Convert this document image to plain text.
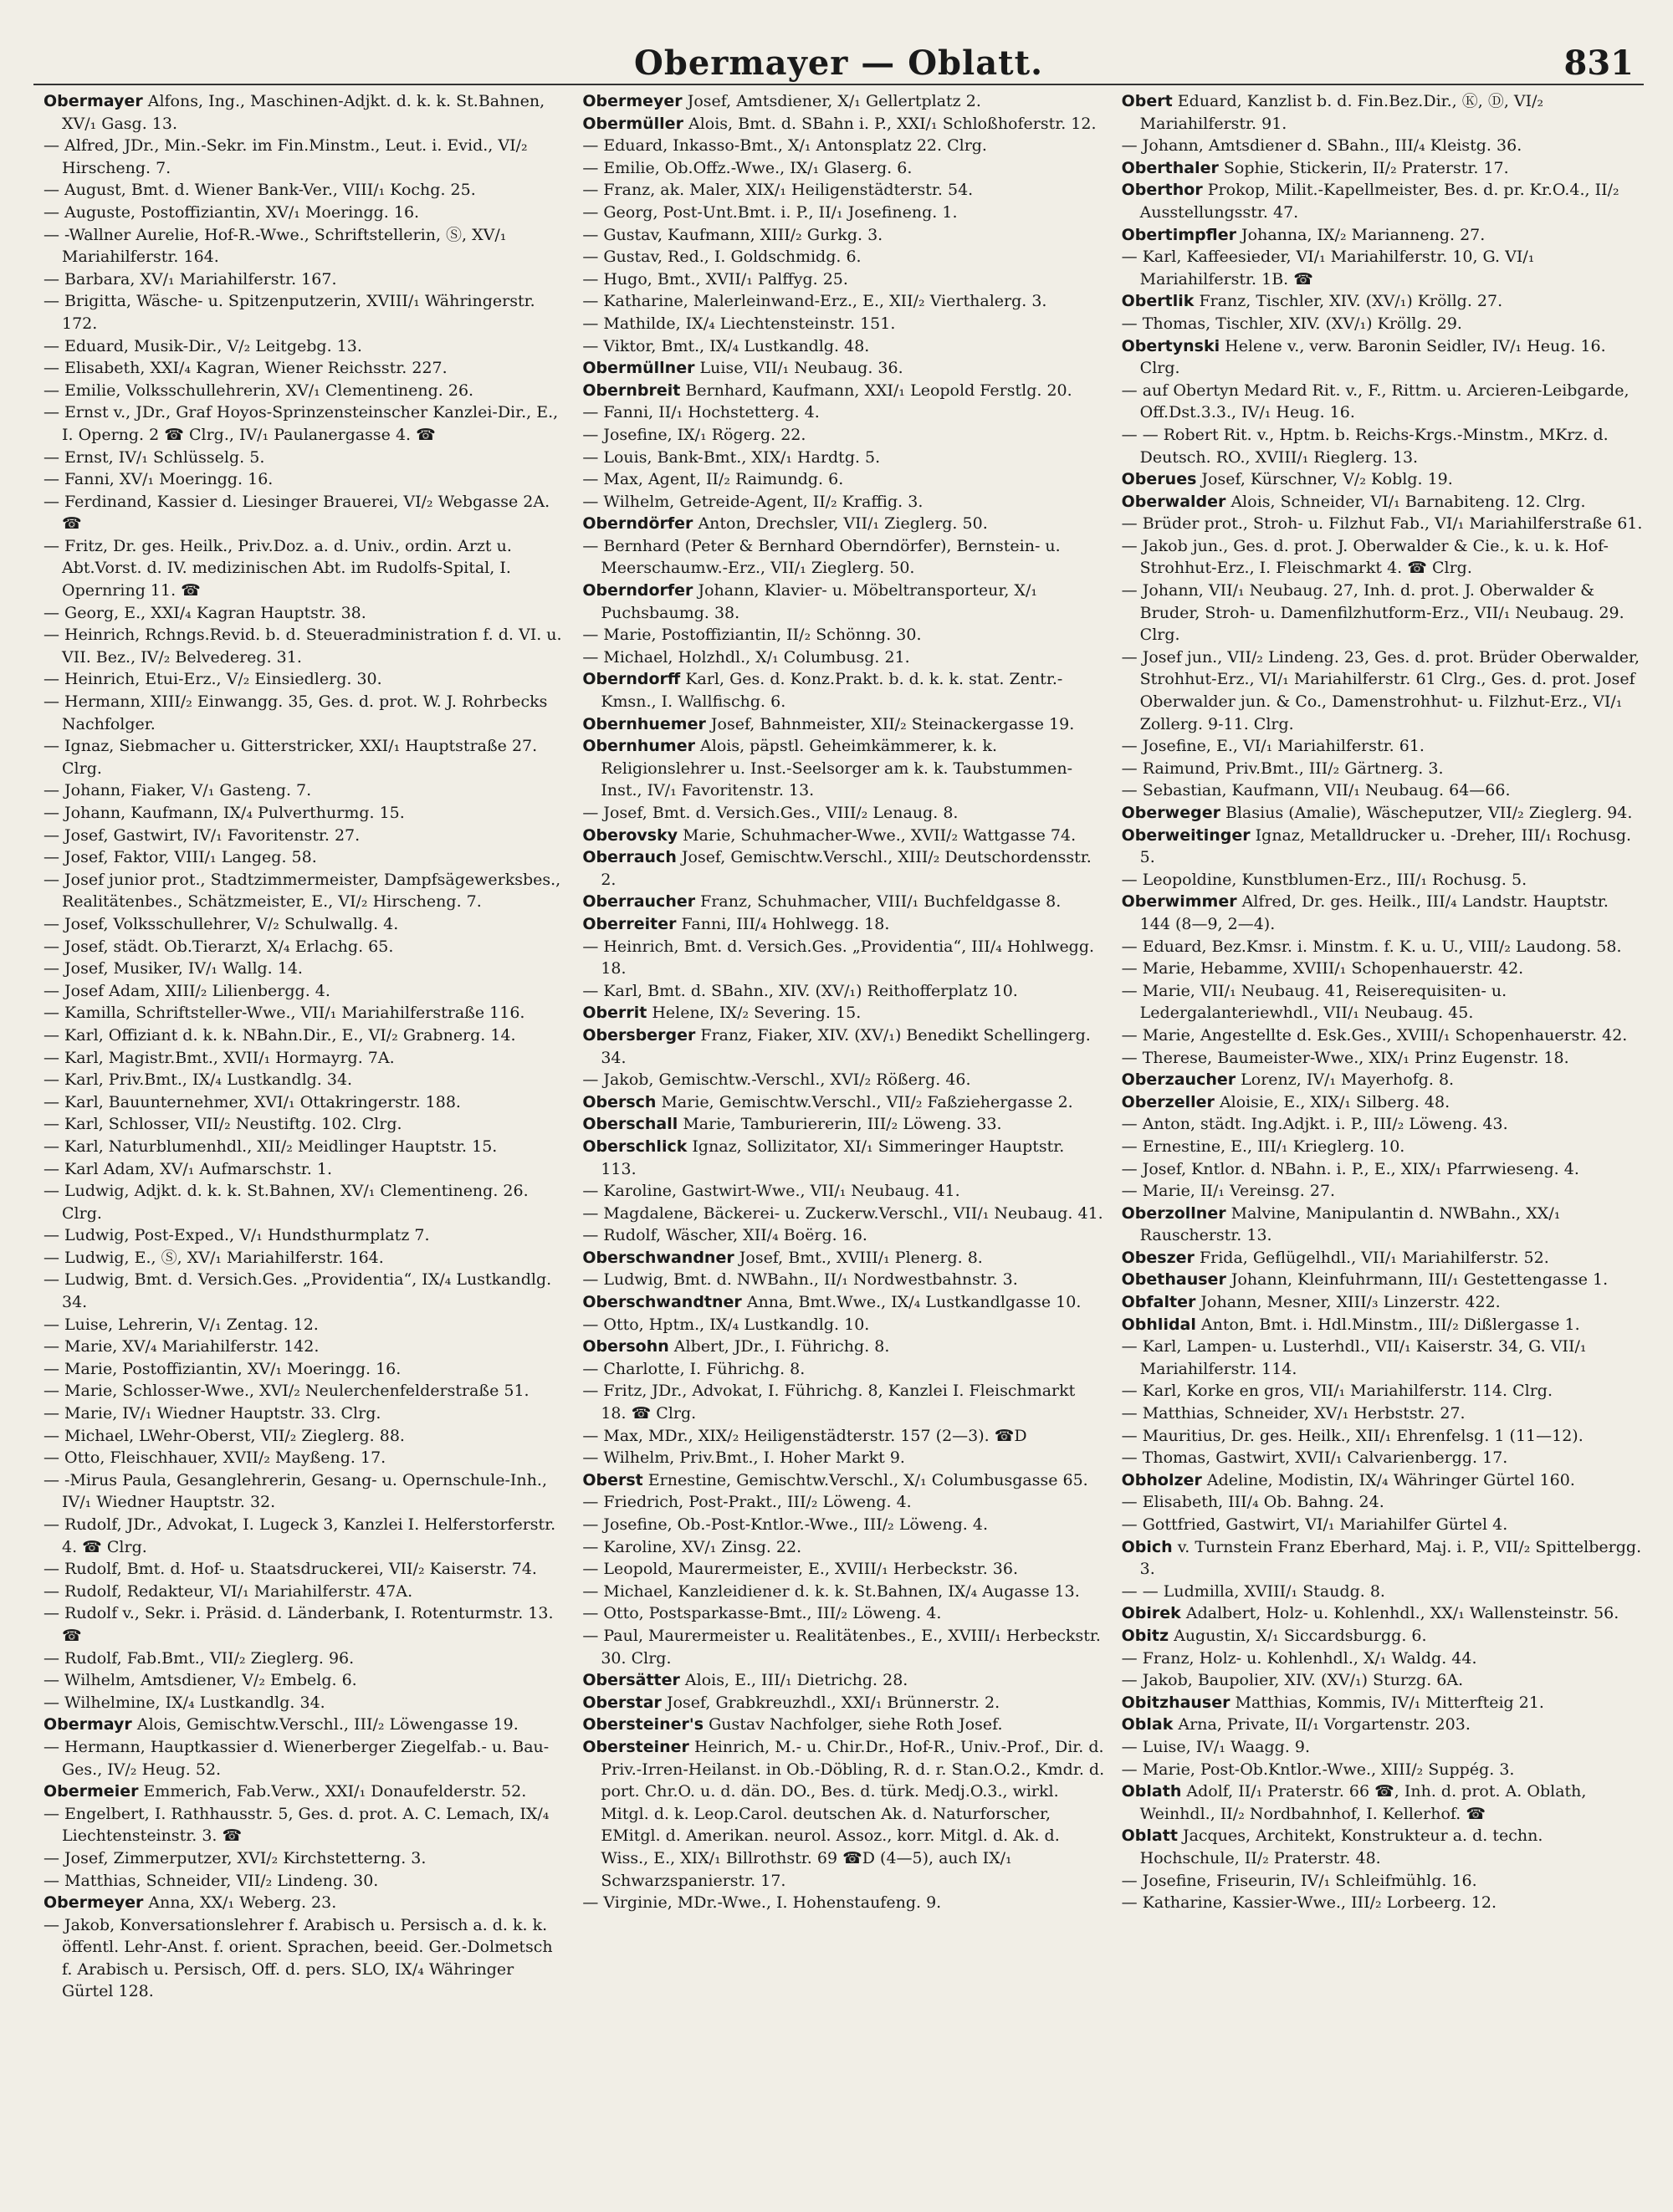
Obermayer — Oblatt.	831

Obermayer Alfons, Ing., Maschinen-Adjkt. d. k. k. St.Bahnen, XV/₁ Gasg. 13.

— Alfred, JDr., Min.-Sekr. im Fin.Minstm., Leut. i. Evid., VI/₂ Hirscheng. 7.

— August, Bmt. d. Wiener Bank-Ver., VIII/₁ Kochg. 25.

— Auguste, Postoffiziantin, XV/₁ Moeringg. 16.

— -Wallner Aurelie, Hof-R.-Wwe., Schriftstellerin, Ⓢ, XV/₁ Mariahilferstr. 164.

— Barbara, XV/₁ Mariahilferstr. 167.

— Brigitta, Wäsche- u. Spitzenputzerin, XVIII/₁ Währingerstr. 172.

— Eduard, Musik-Dir., V/₂ Leitgebg. 13.

— Elisabeth, XXI/₄ Kagran, Wiener Reichsstr. 227.

— Emilie, Volksschullehrerin, XV/₁ Clementineng. 26.

— Ernst v., JDr., Graf Hoyos-Sprinzensteinscher Kanzlei-Dir., E., I. Operng. 2 ☎ Clrg., IV/₁ Paulanergasse 4. ☎

— Ernst, IV/₁ Schlüsselg. 5.

— Fanni, XV/₁ Moeringg. 16.

— Ferdinand, Kassier d. Liesinger Brauerei, VI/₂ Webgasse 2A. ☎

— Fritz, Dr. ges. Heilk., Priv.Doz. a. d. Univ., ordin. Arzt u. Abt.Vorst. d. IV. medizinischen Abt. im Rudolfs-Spital, I. Opernring 11. ☎

— Georg, E., XXI/₄ Kagran Hauptstr. 38.

— Heinrich, Rchngs.Revid. b. d. Steueradministration f. d. VI. u. VII. Bez., IV/₂ Belvedereg. 31.

— Heinrich, Etui-Erz., V/₂ Einsiedlerg. 30.

— Hermann, XIII/₂ Einwangg. 35, Ges. d. prot. W. J. Rohrbecks Nachfolger.

— Ignaz, Siebmacher u. Gitterstricker, XXI/₁ Hauptstraße 27. Clrg.

— Johann, Fiaker, V/₁ Gasteng. 7.

— Johann, Kaufmann, IX/₄ Pulverthurmg. 15.

— Josef, Gastwirt, IV/₁ Favoritenstr. 27.

— Josef, Faktor, VIII/₁ Langeg. 58.

— Josef junior prot., Stadtzimmermeister, Dampfsägewerksbes., Realitätenbes., Schätzmeister, E., VI/₂ Hirscheng. 7.

— Josef, Volksschullehrer, V/₂ Schulwallg. 4.

— Josef, städt. Ob.Tierarzt, X/₄ Erlachg. 65.

— Josef, Musiker, IV/₁ Wallg. 14.

— Josef Adam, XIII/₂ Lilienbergg. 4.

— Kamilla, Schriftsteller-Wwe., VII/₁ Mariahilferstraße 116.

— Karl, Offiziant d. k. k. NBahn.Dir., E., VI/₂ Grabnerg. 14.

— Karl, Magistr.Bmt., XVII/₁ Hormayrg. 7A.

— Karl, Priv.Bmt., IX/₄ Lustkandlg. 34.

— Karl, Bauunternehmer, XVI/₁ Ottakringerstr. 188.

— Karl, Schlosser, VII/₂ Neustiftg. 102. Clrg.

— Karl, Naturblumenhdl., XII/₂ Meidlinger Hauptstr. 15.

— Karl Adam, XV/₁ Aufmarschstr. 1.

— Ludwig, Adjkt. d. k. k. St.Bahnen, XV/₁ Clementineng. 26. Clrg.

— Ludwig, Post-Exped., V/₁ Hundsthurmplatz 7.

— Ludwig, E., Ⓢ, XV/₁ Mariahilferstr. 164.

— Ludwig, Bmt. d. Versich.Ges. „Providentia“, IX/₄ Lustkandlg. 34.

— Luise, Lehrerin, V/₁ Zentag. 12.

— Marie, XV/₄ Mariahilferstr. 142.

— Marie, Postoffiziantin, XV/₁ Moeringg. 16.

— Marie, Schlosser-Wwe., XVI/₂ Neulerchenfelderstraße 51.

— Marie, IV/₁ Wiedner Hauptstr. 33. Clrg.

— Michael, LWehr-Oberst, VII/₂ Zieglerg. 88.

— Otto, Fleischhauer, XVII/₂ Mayßeng. 17.

— -Mirus Paula, Gesanglehrerin, Gesang- u. Opernschule-Inh., IV/₁ Wiedner Hauptstr. 32.

— Rudolf, JDr., Advokat, I. Lugeck 3, Kanzlei I. Helferstorferstr. 4. ☎ Clrg.

— Rudolf, Bmt. d. Hof- u. Staatsdruckerei, VII/₂ Kaiserstr. 74.

— Rudolf, Redakteur, VI/₁ Mariahilferstr. 47A.

— Rudolf v., Sekr. i. Präsid. d. Länderbank, I. Rotenturmstr. 13. ☎

— Rudolf, Fab.Bmt., VII/₂ Zieglerg. 96.

— Wilhelm, Amtsdiener, V/₂ Embelg. 6.

— Wilhelmine, IX/₄ Lustkandlg. 34.

Obermayr Alois, Gemischtw.Verschl., III/₂ Löwengasse 19.

— Hermann, Hauptkassier d. Wienerberger Ziegelfab.- u. Bau-Ges., IV/₂ Heug. 52.

Obermeier Emmerich, Fab.Verw., XXI/₁ Donaufelderstr. 52.

— Engelbert, I. Rathhausstr. 5, Ges. d. prot. A. C. Lemach, IX/₄ Liechtensteinstr. 3. ☎

— Josef, Zimmerputzer, XVI/₂ Kirchstetterng. 3.

— Matthias, Schneider, VII/₂ Lindeng. 30.

Obermeyer Anna, XX/₁ Weberg. 23.

— Jakob, Konversationslehrer f. Arabisch u. Persisch a. d. k. k. öffentl. Lehr-Anst. f. orient. Sprachen, beeid. Ger.-Dolmetsch f. Arabisch u. Persisch, Off. d. pers. SLO, IX/₄ Währinger Gürtel 128.

Obermeyer Josef, Amtsdiener, X/₁ Gellertplatz 2.

Obermüller Alois, Bmt. d. SBahn i. P., XXI/₁ Schloßhoferstr. 12.

— Eduard, Inkasso-Bmt., X/₁ Antonsplatz 22. Clrg.

— Emilie, Ob.Offz.-Wwe., IX/₁ Glaserg. 6.

— Franz, ak. Maler, XIX/₁ Heiligenstädterstr. 54.

— Georg, Post-Unt.Bmt. i. P., II/₁ Josefineng. 1.

— Gustav, Kaufmann, XIII/₂ Gurkg. 3.

— Gustav, Red., I. Goldschmidg. 6.

— Hugo, Bmt., XVII/₁ Palffyg. 25.

— Katharine, Malerleinwand-Erz., E., XII/₂ Vierthalerg. 3.

— Mathilde, IX/₄ Liechtensteinstr. 151.

— Viktor, Bmt., IX/₄ Lustkandlg. 48.

Obermüllner Luise, VII/₁ Neubaug. 36.

Obernbreit Bernhard, Kaufmann, XXI/₁ Leopold Ferstlg. 20.

— Fanni, II/₁ Hochstetterg. 4.

— Josefine, IX/₁ Rögerg. 22.

— Louis, Bank-Bmt., XIX/₁ Hardtg. 5.

— Max, Agent, II/₂ Raimundg. 6.

— Wilhelm, Getreide-Agent, II/₂ Kraffig. 3.

Oberndörfer Anton, Drechsler, VII/₁ Zieglerg. 50.

— Bernhard (Peter & Bernhard Oberndörfer), Bernstein- u. Meerschaumw.-Erz., VII/₁ Zieglerg. 50.

Oberndorfer Johann, Klavier- u. Möbeltransporteur, X/₁ Puchsbaumg. 38.

— Marie, Postoffiziantin, II/₂ Schönng. 30.

— Michael, Holzhdl., X/₁ Columbusg. 21.

Oberndorff Karl, Ges. d. Konz.Prakt. b. d. k. k. stat. Zentr.-Kmsn., I. Wallfischg. 6.

Obernhuemer Josef, Bahnmeister, XII/₂ Steinackergasse 19.

Obernhumer Alois, päpstl. Geheimkämmerer, k. k. Religionslehrer u. Inst.-Seelsorger am k. k. Taubstummen-Inst., IV/₁ Favoritenstr. 13.

— Josef, Bmt. d. Versich.Ges., VIII/₂ Lenaug. 8.

Oberovsky Marie, Schuhmacher-Wwe., XVII/₂ Wattgasse 74.

Oberrauch Josef, Gemischtw.Verschl., XIII/₂ Deutschordensstr. 2.

Oberraucher Franz, Schuhmacher, VIII/₁ Buchfeldgasse 8.

Oberreiter Fanni, III/₄ Hohlwegg. 18.

— Heinrich, Bmt. d. Versich.Ges. „Providentia“, III/₄ Hohlwegg. 18.

— Karl, Bmt. d. SBahn., XIV. (XV/₁) Reithofferplatz 10.

Oberrit Helene, IX/₂ Severing. 15.

Obersberger Franz, Fiaker, XIV. (XV/₁) Benedikt Schellingerg. 34.

— Jakob, Gemischtw.-Verschl., XVI/₂ Rößerg. 46.

Obersch Marie, Gemischtw.Verschl., VII/₂ Faßziehergasse 2.

Oberschall Marie, Tamburiererin, III/₂ Löweng. 33.

Oberschlick Ignaz, Sollizitator, XI/₁ Simmeringer Hauptstr. 113.

— Karoline, Gastwirt-Wwe., VII/₁ Neubaug. 41.

— Magdalene, Bäckerei- u. Zuckerw.Verschl., VII/₁ Neubaug. 41.

— Rudolf, Wäscher, XII/₄ Boërg. 16.

Oberschwandner Josef, Bmt., XVIII/₁ Plenerg. 8.

— Ludwig, Bmt. d. NWBahn., II/₁ Nordwestbahnstr. 3.

Oberschwandtner Anna, Bmt.Wwe., IX/₄ Lustkandlgasse 10.

— Otto, Hptm., IX/₄ Lustkandlg. 10.

Obersohn Albert, JDr., I. Führichg. 8.

— Charlotte, I. Führichg. 8.

— Fritz, JDr., Advokat, I. Führichg. 8, Kanzlei I. Fleischmarkt 18. ☎ Clrg.

— Max, MDr., XIX/₂ Heiligenstädterstr. 157 (2—3). ☎D

— Wilhelm, Priv.Bmt., I. Hoher Markt 9.

Oberst Ernestine, Gemischtw.Verschl., X/₁ Columbusgasse 65.

— Friedrich, Post-Prakt., III/₂ Löweng. 4.

— Josefine, Ob.-Post-Kntlor.-Wwe., III/₂ Löweng. 4.

— Karoline, XV/₁ Zinsg. 22.

— Leopold, Maurermeister, E., XVIII/₁ Herbeckstr. 36.

— Michael, Kanzleidiener d. k. k. St.Bahnen, IX/₄ Augasse 13.

— Otto, Postsparkasse-Bmt., III/₂ Löweng. 4.

— Paul, Maurermeister u. Realitätenbes., E., XVIII/₁ Herbeckstr. 30. Clrg.

Obersätter Alois, E., III/₁ Dietrichg. 28.

Oberstar Josef, Grabkreuzhdl., XXI/₁ Brünnerstr. 2.

Obersteiner's Gustav Nachfolger, siehe Roth Josef.

Obersteiner Heinrich, M.- u. Chir.Dr., Hof-R., Univ.-Prof., Dir. d. Priv.-Irren-Heilanst. in Ob.-Döbling, R. d. r. Stan.O.2., Kmdr. d. port. Chr.O. u. d. dän. DO., Bes. d. türk. Medj.O.3., wirkl. Mitgl. d. k. Leop.Carol. deutschen Ak. d. Naturforscher, EMitgl. d. Amerikan. neurol. Assoz., korr. Mitgl. d. Ak. d. Wiss., E., XIX/₁ Billrothstr. 69 ☎D (4—5), auch IX/₁ Schwarzspanierstr. 17.

— Virginie, MDr.-Wwe., I. Hohenstaufeng. 9.

Obert Eduard, Kanzlist b. d. Fin.Bez.Dir., Ⓚ, Ⓓ, VI/₂ Mariahilferstr. 91.

— Johann, Amtsdiener d. SBahn., III/₄ Kleistg. 36.

Oberthaler Sophie, Stickerin, II/₂ Praterstr. 17.

Oberthor Prokop, Milit.-Kapellmeister, Bes. d. pr. Kr.O.4., II/₂ Ausstellungsstr. 47.

Obertimpfler Johanna, IX/₂ Marianneng. 27.

— Karl, Kaffeesieder, VI/₁ Mariahilferstr. 10, G. VI/₁ Mariahilferstr. 1B. ☎

Obertlik Franz, Tischler, XIV. (XV/₁) Kröllg. 27.

— Thomas, Tischler, XIV. (XV/₁) Kröllg. 29.

Obertynski Helene v., verw. Baronin Seidler, IV/₁ Heug. 16. Clrg.

— auf Obertyn Medard Rit. v., F., Rittm. u. Arcieren-Leibgarde, Off.Dst.3.3., IV/₁ Heug. 16.

— — Robert Rit. v., Hptm. b. Reichs-Krgs.-Minstm., MKrz. d. Deutsch. RO., XVIII/₁ Rieglerg. 13.

Oberues Josef, Kürschner, V/₂ Koblg. 19.

Oberwalder Alois, Schneider, VI/₁ Barnabiteng. 12. Clrg.

— Brüder prot., Stroh- u. Filzhut Fab., VI/₁ Mariahilferstraße 61.

— Jakob jun., Ges. d. prot. J. Oberwalder & Cie., k. u. k. Hof-Strohhut-Erz., I. Fleischmarkt 4. ☎ Clrg.

— Johann, VII/₁ Neubaug. 27, Inh. d. prot. J. Oberwalder & Bruder, Stroh- u. Damenfilzhutform-Erz., VII/₁ Neubaug. 29. Clrg.

— Josef jun., VII/₂ Lindeng. 23, Ges. d. prot. Brüder Oberwalder, Strohhut-Erz., VI/₁ Mariahilferstr. 61 Clrg., Ges. d. prot. Josef Oberwalder jun. & Co., Damenstrohhut- u. Filzhut-Erz., VI/₁ Zollerg. 9-11. Clrg.

— Josefine, E., VI/₁ Mariahilferstr. 61.

— Raimund, Priv.Bmt., III/₂ Gärtnerg. 3.

— Sebastian, Kaufmann, VII/₁ Neubaug. 64—66.

Oberweger Blasius (Amalie), Wäscheputzer, VII/₂ Zieglerg. 94.

Oberweitinger Ignaz, Metalldrucker u. -Dreher, III/₁ Rochusg. 5.

— Leopoldine, Kunstblumen-Erz., III/₁ Rochusg. 5.

Oberwimmer Alfred, Dr. ges. Heilk., III/₄ Landstr. Hauptstr. 144 (8—9, 2—4).

— Eduard, Bez.Kmsr. i. Minstm. f. K. u. U., VIII/₂ Laudong. 58.

— Marie, Hebamme, XVIII/₁ Schopenhauerstr. 42.

— Marie, VII/₁ Neubaug. 41, Reiserequisiten- u. Ledergalanteriewhdl., VII/₁ Neubaug. 45.

— Marie, Angestellte d. Esk.Ges., XVIII/₁ Schopenhauerstr. 42.

— Therese, Baumeister-Wwe., XIX/₁ Prinz Eugenstr. 18.

Oberzaucher Lorenz, IV/₁ Mayerhofg. 8.

Oberzeller Aloisie, E., XIX/₁ Silberg. 48.

— Anton, städt. Ing.Adjkt. i. P., III/₂ Löweng. 43.

— Ernestine, E., III/₁ Krieglerg. 10.

— Josef, Kntlor. d. NBahn. i. P., E., XIX/₁ Pfarrwieseng. 4.

— Marie, II/₁ Vereinsg. 27.

Oberzollner Malvine, Manipulantin d. NWBahn., XX/₁ Rauscherstr. 13.

Obeszer Frida, Geflügelhdl., VII/₁ Mariahilferstr. 52.

Obethauser Johann, Kleinfuhrmann, III/₁ Gestettengasse 1.

Obfalter Johann, Mesner, XIII/₃ Linzerstr. 422.

Obhlidal Anton, Bmt. i. Hdl.Minstm., III/₂ Dißlergasse 1.

— Karl, Lampen- u. Lusterhdl., VII/₁ Kaiserstr. 34, G. VII/₁ Mariahilferstr. 114.

— Karl, Korke en gros, VII/₁ Mariahilferstr. 114. Clrg.

— Matthias, Schneider, XV/₁ Herbststr. 27.

— Mauritius, Dr. ges. Heilk., XII/₁ Ehrenfelsg. 1 (11—12).

— Thomas, Gastwirt, XVII/₁ Calvarienbergg. 17.

Obholzer Adeline, Modistin, IX/₄ Währinger Gürtel 160.

— Elisabeth, III/₄ Ob. Bahng. 24.

— Gottfried, Gastwirt, VI/₁ Mariahilfer Gürtel 4.

Obich v. Turnstein Franz Eberhard, Maj. i. P., VII/₂ Spittelbergg. 3.

— — Ludmilla, XVIII/₁ Staudg. 8.

Obirek Adalbert, Holz- u. Kohlenhdl., XX/₁ Wallensteinstr. 56.

Obitz Augustin, X/₁ Siccardsburgg. 6.

— Franz, Holz- u. Kohlenhdl., X/₁ Waldg. 44.

— Jakob, Baupolier, XIV. (XV/₁) Sturzg. 6A.

Obitzhauser Matthias, Kommis, IV/₁ Mitterfteig 21.

Oblak Arna, Private, II/₁ Vorgartenstr. 203.

— Luise, IV/₁ Waagg. 9.

— Marie, Post-Ob.Kntlor.-Wwe., XIII/₂ Suppég. 3.

Oblath Adolf, II/₁ Praterstr. 66 ☎, Inh. d. prot. A. Oblath, Weinhdl., II/₂ Nordbahnhof, I. Kellerhof. ☎

Oblatt Jacques, Architekt, Konstrukteur a. d. techn. Hochschule, II/₂ Praterstr. 48.

— Josefine, Friseurin, IV/₁ Schleifmühlg. 16.

— Katharine, Kassier-Wwe., III/₂ Lorbeerg. 12.
